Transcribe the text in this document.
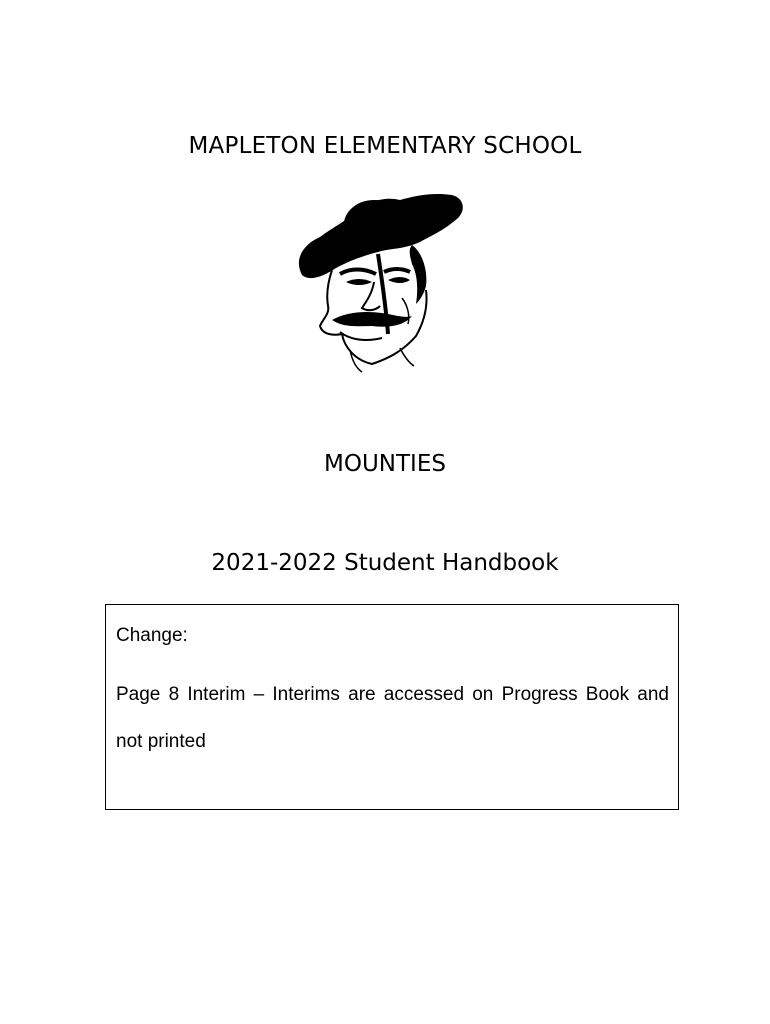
MAPLETON ELEMENTARY SCHOOL
MOUNTIES
2021-2022 Student Handbook
Change:
Page 8 Interim – Interims are accessed on Progress Book and not printed
